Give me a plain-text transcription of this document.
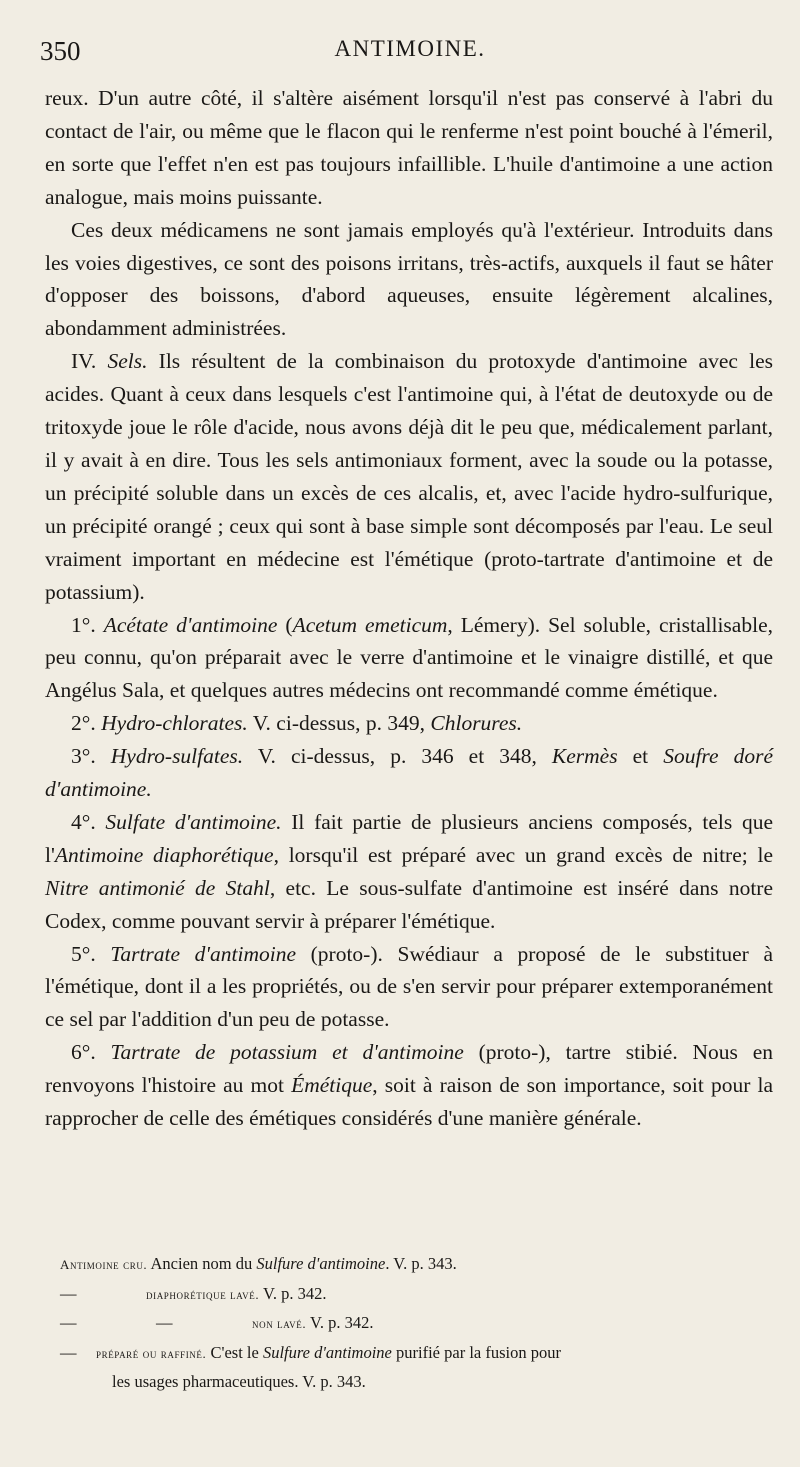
350	ANTIMOINE.

reux. D'un autre côté, il s'altère aisément lorsqu'il n'est pas conservé à l'abri du contact de l'air, ou même que le flacon qui le renferme n'est point bouché à l'émeril, en sorte que l'effet n'en est pas toujours infaillible. L'huile d'antimoine a une action analogue, mais moins puissante.

Ces deux médicamens ne sont jamais employés qu'à l'extérieur. Introduits dans les voies digestives, ce sont des poisons irritans, très-actifs, auxquels il faut se hâter d'opposer des boissons, d'abord aqueuses, ensuite légèrement alcalines, abondamment administrées.

IV. Sels. Ils résultent de la combinaison du protoxyde d'antimoine avec les acides. Quant à ceux dans lesquels c'est l'antimoine qui, à l'état de deutoxyde ou de tritoxyde joue le rôle d'acide, nous avons déjà dit le peu que, médicalement parlant, il y avait à en dire. Tous les sels antimoniaux forment, avec la soude ou la potasse, un précipité soluble dans un excès de ces alcalis, et, avec l'acide hydro-sulfurique, un précipité orangé ; ceux qui sont à base simple sont décomposés par l'eau. Le seul vraiment important en médecine est l'émétique (proto-tartrate d'antimoine et de potassium).

1°. Acétate d'antimoine (Acetum emeticum, Lémery). Sel soluble, cristallisable, peu connu, qu'on préparait avec le verre d'antimoine et le vinaigre distillé, et que Angélus Sala, et quelques autres médecins ont recommandé comme émétique.

2°. Hydro-chlorates. V. ci-dessus, p. 349, Chlorures.

3°. Hydro-sulfates. V. ci-dessus, p. 346 et 348, Kermès et Soufre doré d'antimoine.

4°. Sulfate d'antimoine. Il fait partie de plusieurs anciens composés, tels que l'Antimoine diaphorétique, lorsqu'il est préparé avec un grand excès de nitre; le Nitre antimonié de Stahl, etc. Le sous-sulfate d'antimoine est inséré dans notre Codex, comme pouvant servir à préparer l'émétique.

5°. Tartrate d'antimoine (proto-). Swédiaur a proposé de le substituer à l'émétique, dont il a les propriétés, ou de s'en servir pour préparer extemporanément ce sel par l'addition d'un peu de potasse.

6°. Tartrate de potassium et d'antimoine (proto-), tartre stibié. Nous en renvoyons l'histoire au mot Émétique, soit à raison de son importance, soit pour la rapprocher de celle des émétiques considérés d'une manière générale.

Antimoine cru. Ancien nom du Sulfure d'antimoine. V. p. 343.
—	diaphorétique lavé. V. p. 342.
—	—	non lavé. V. p. 342.
— préparé ou raffiné. C'est le Sulfure d'antimoine purifié par la fusion pour
les usages pharmaceutiques. V. p. 343.
